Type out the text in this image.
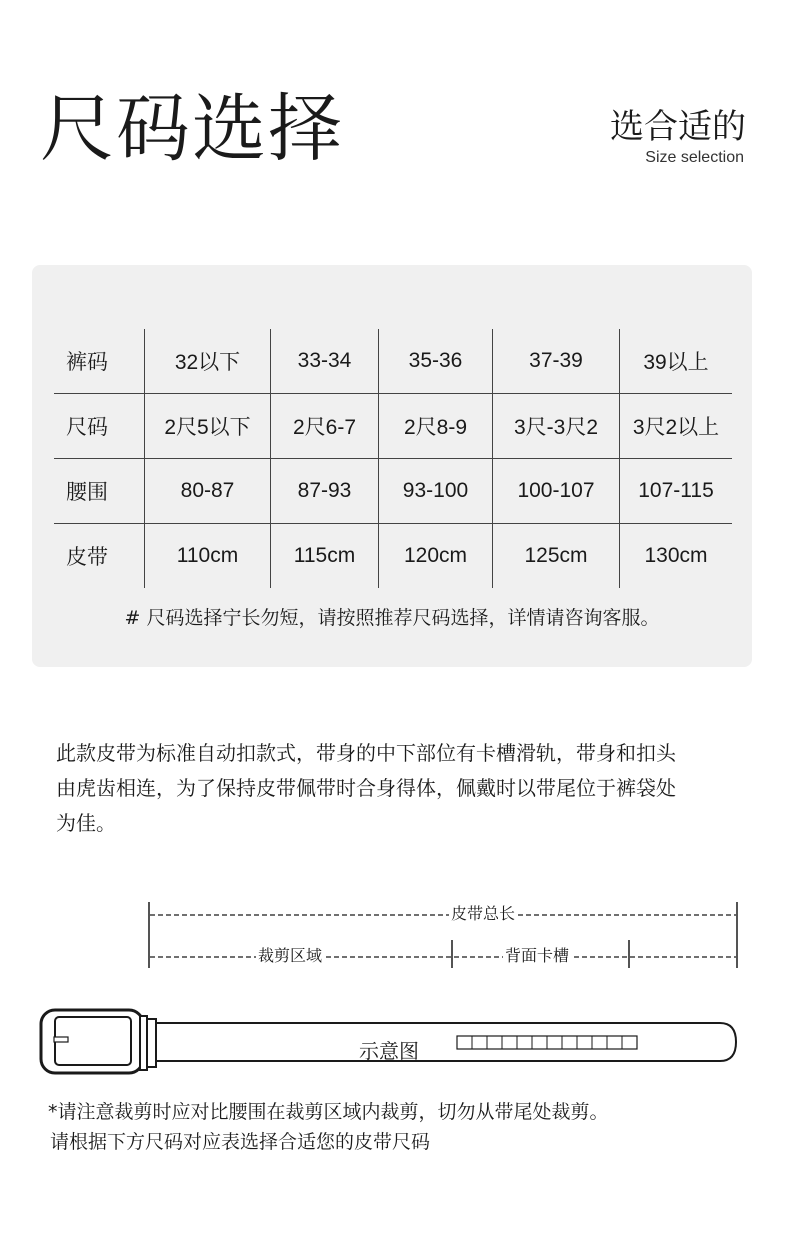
尺码选择	选合适的
Size selection
裤码	32以下	33-34	35-36	37-39	39以上
尺码	2尺5以下	2尺6-7	2尺8-9	3尺-3尺2	3尺2以上
腰围	80-87	87-93	93-100	100-107	107-115
皮带	110cm	115cm	120cm	125cm	130cm
# 尺码选择宁长勿短，请按照推荐尺码选择，详情请咨询客服。
此款皮带为标准自动扣款式，带身的中下部位有卡槽滑轨，带身和扣头
由虎齿相连，为了保持皮带佩带时合身得体，佩戴时以带尾位于裤袋处
为佳。
皮带总长
裁剪区域	背面卡槽
示意图
*请注意裁剪时应对比腰围在裁剪区域内裁剪，切勿从带尾处裁剪。
请根据下方尺码对应表选择合适您的皮带尺码
